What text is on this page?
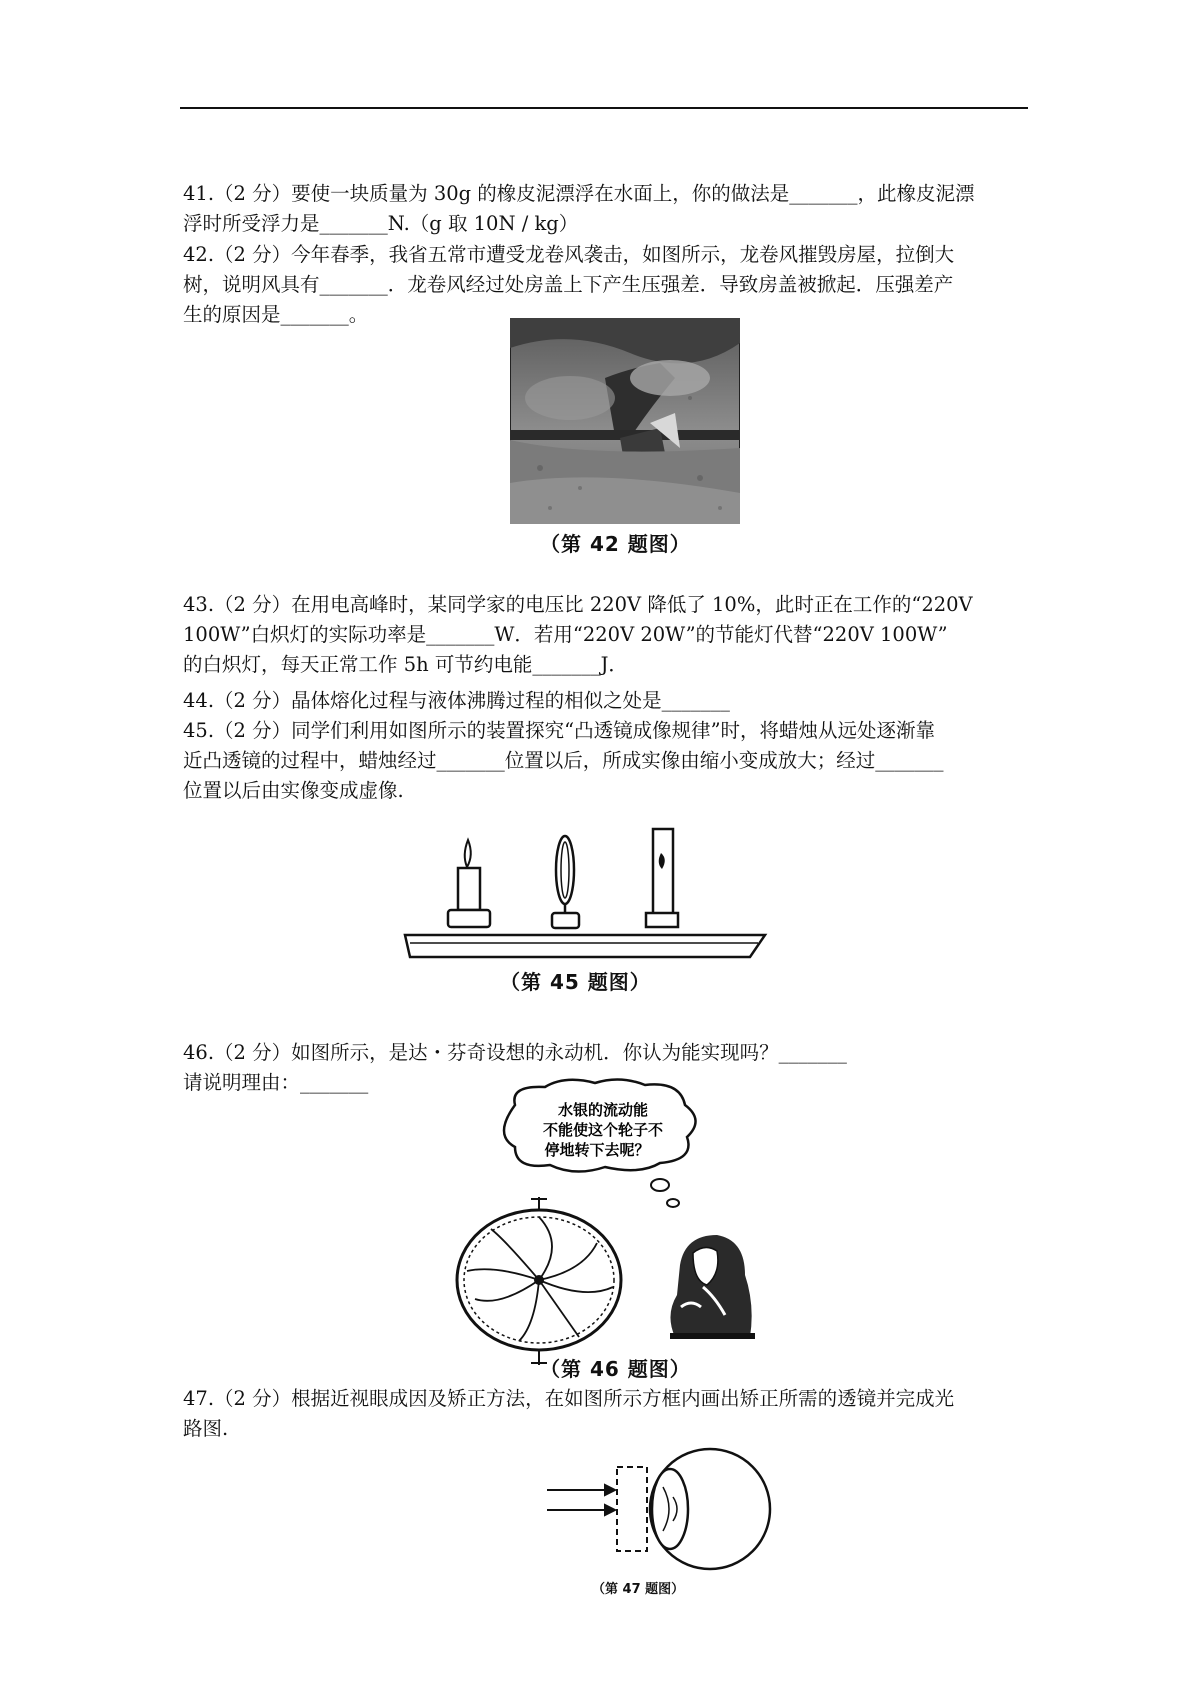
41.（2 分）要使一块质量为 30g 的橡皮泥漂浮在水面上，你的做法是_______，此橡皮泥漂
浮时所受浮力是_______N.（g 取 10N / kg）
42.（2 分）今年春季，我省五常市遭受龙卷风袭击，如图所示，龙卷风摧毁房屋，拉倒大
树，说明风具有_______．龙卷风经过处房盖上下产生压强差．导致房盖被掀起．压强差产
生的原因是_______。
（第 42 题图）
43.（2 分）在用电高峰时，某同学家的电压比 220V 降低了 10%，此时正在工作的“220V
100W”白炽灯的实际功率是_______W．若用“220V 20W”的节能灯代替“220V 100W”
的白炽灯，每天正常工作 5h 可节约电能_______J．
44.（2 分）晶体熔化过程与液体沸腾过程的相似之处是_______
45.（2 分）同学们利用如图所示的装置探究“凸透镜成像规律”时，将蜡烛从远处逐渐靠
近凸透镜的过程中，蜡烛经过_______位置以后，所成实像由缩小变成放大；经过_______
位置以后由实像变成虚像.
（第 45 题图）
46.（2 分）如图所示，是达・芬奇设想的永动机．你认为能实现吗？_______
请说明理由：_______
水银的流动能
不能使这个轮子不
停地转下去呢？
（第 46 题图）
47.（2 分）根据近视眼成因及矫正方法，在如图所示方框内画出矫正所需的透镜并完成光
路图.
（第 47 题图）
